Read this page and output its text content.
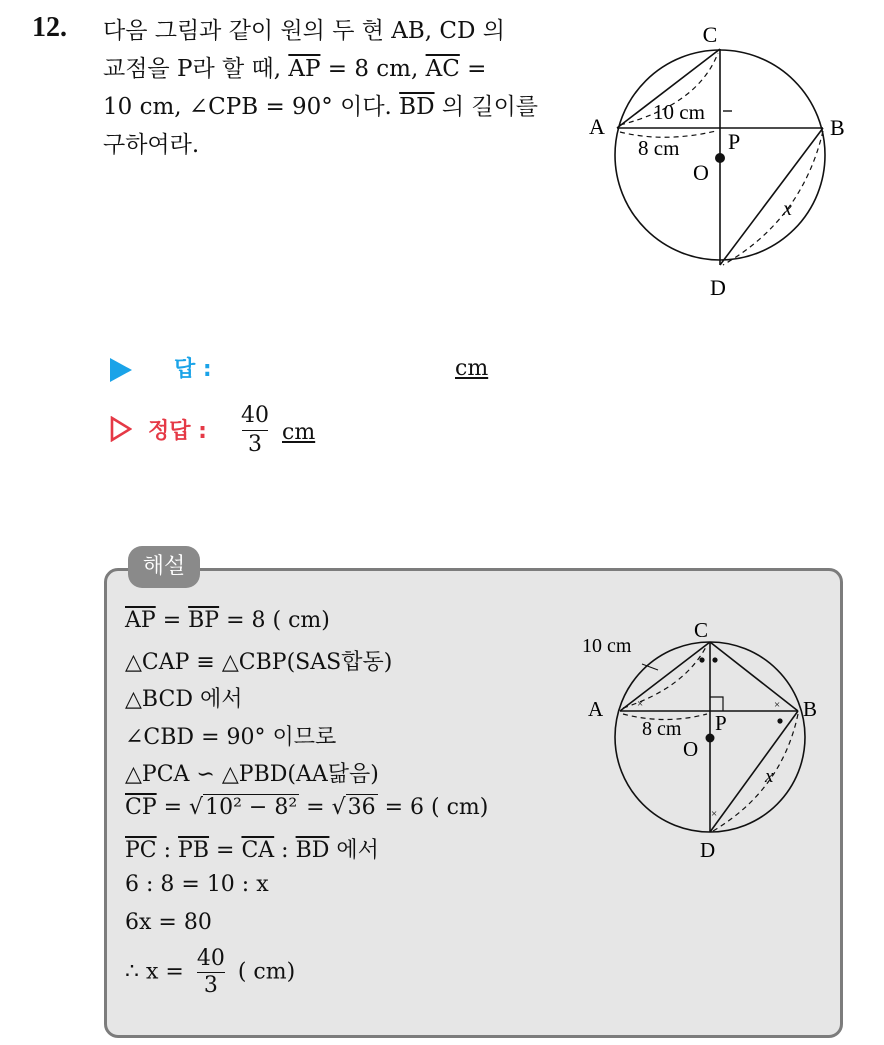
12. 다음 그림과 같이 원의 두 현 AB, CD 의
교점을 P라 할 때, $\overline{AP} = 8$ cm, $\overline{AC}$ =
10 cm, ∠CPB = 90° 이다. $\overline{BD}$ 의 길이를
구하여라.
C
A	B
P
O
D
10 cm
8 cm
x
답 :	cm
정답 :
40
3 cm
해설
$\overline{AP} = \overline{BP} = 8$ ( cm)
△CAP ≡ △CBP(SAS합동)
△BCD 에서
∠CBD = 90° 이므로
△PCA ∽ △PBD(AA닮음)
$\overline{CP} = √10^2 - 8^2 = √36 = 6$ ( cm)
$\overline{PC}$ : $\overline{PB} = \overline{CA}$ : $\overline{BD}$ 에서
6 : 8 = 10 : x
6x = 80
∴ $x = \frac{40}{3}$ ( cm)
×	×
×
C
A	B
P
O
D
10 cm
8 cm
x
